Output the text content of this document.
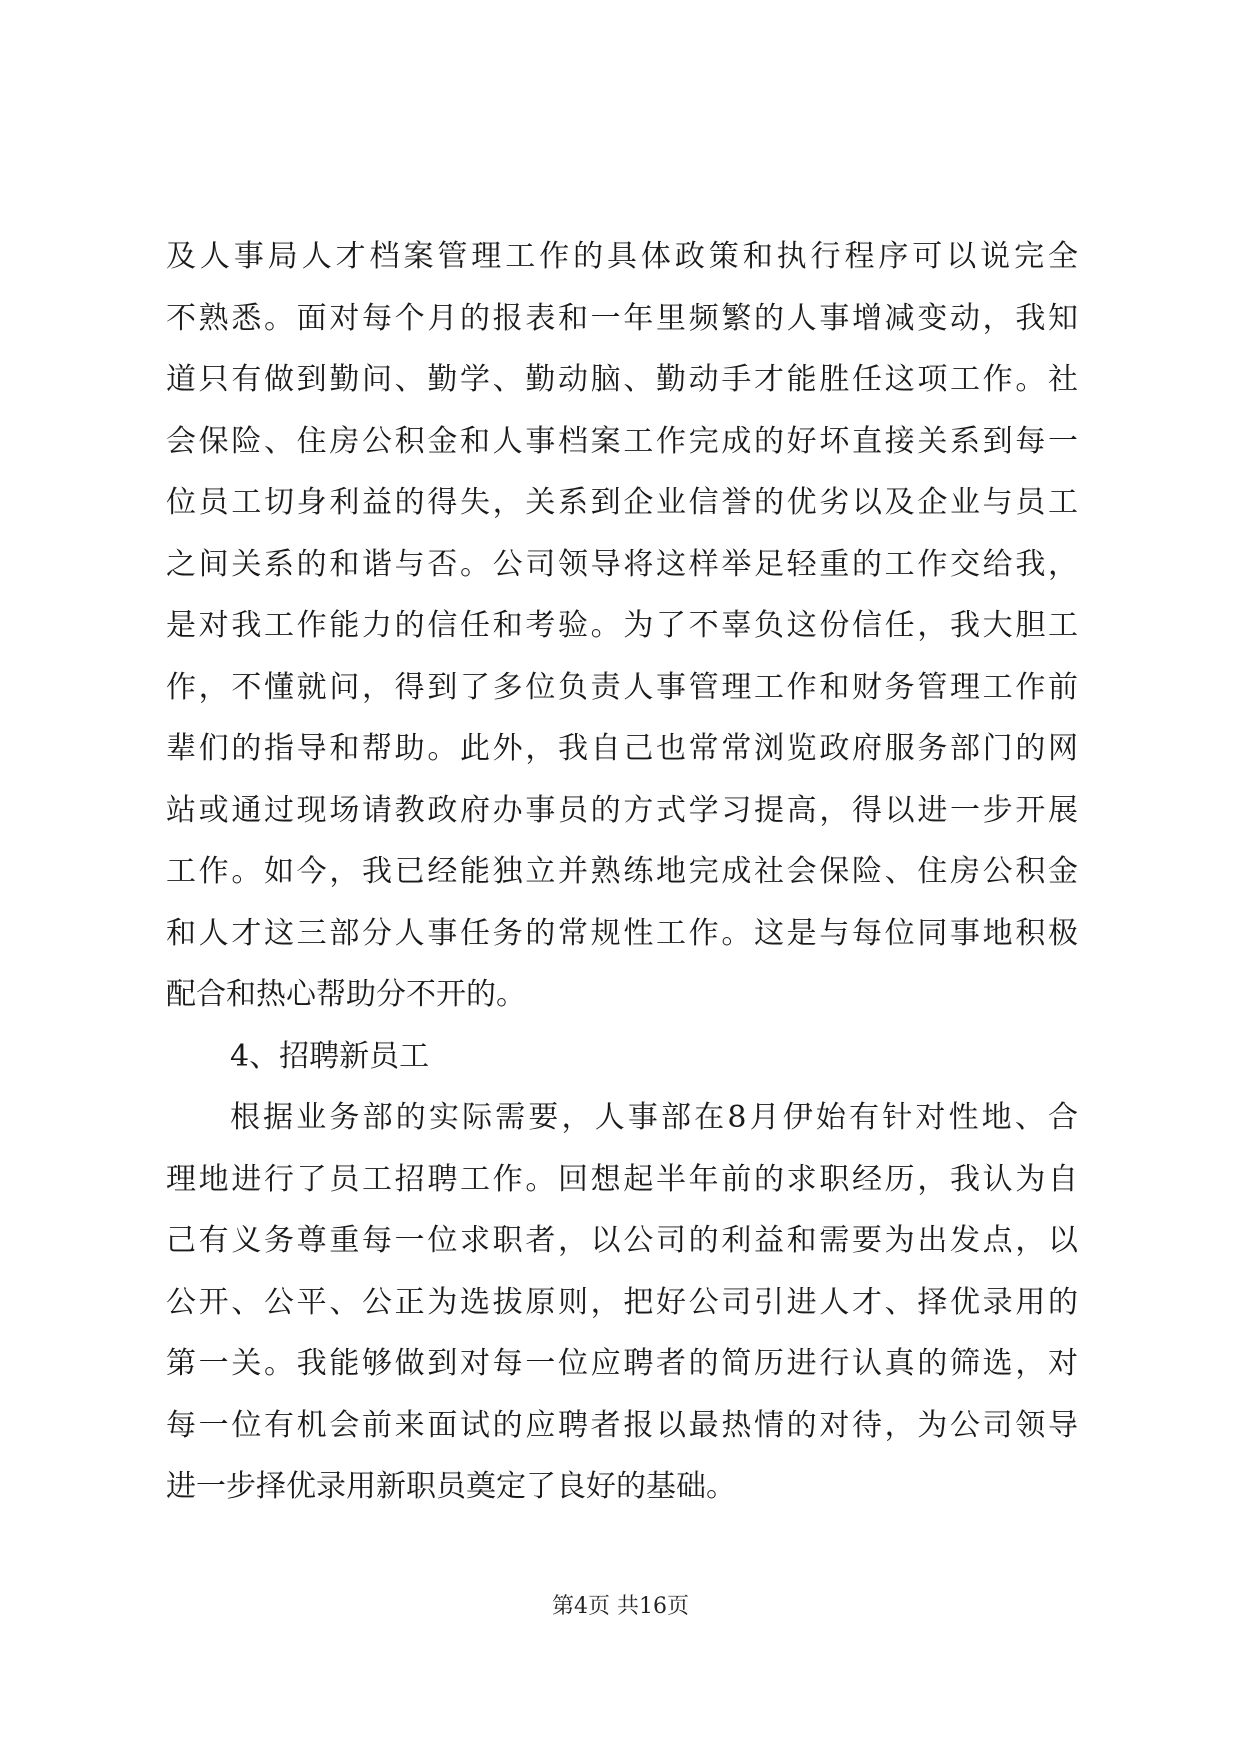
及人事局人才档案管理工作的具体政策和执行程序可以说完全
不熟悉。面对每个月的报表和一年里频繁的人事增减变动，我知
道只有做到勤问、勤学、勤动脑、勤动手才能胜任这项工作。社
会保险、住房公积金和人事档案工作完成的好坏直接关系到每一
位员工切身利益的得失，关系到企业信誉的优劣以及企业与员工
之间关系的和谐与否。公司领导将这样举足轻重的工作交给我，
是对我工作能力的信任和考验。为了不辜负这份信任，我大胆工
作，不懂就问，得到了多位负责人事管理工作和财务管理工作前
辈们的指导和帮助。此外，我自己也常常浏览政府服务部门的网
站或通过现场请教政府办事员的方式学习提高，得以进一步开展
工作。如今，我已经能独立并熟练地完成社会保险、住房公积金
和人才这三部分人事任务的常规性工作。这是与每位同事地积极
配合和热心帮助分不开的。
4、招聘新员工
根据业务部的实际需要，人事部在8月伊始有针对性地、合
理地进行了员工招聘工作。回想起半年前的求职经历，我认为自
己有义务尊重每一位求职者，以公司的利益和需要为出发点，以
公开、公平、公正为选拔原则，把好公司引进人才、择优录用的
第一关。我能够做到对每一位应聘者的简历进行认真的筛选，对
每一位有机会前来面试的应聘者报以最热情的对待，为公司领导
进一步择优录用新职员奠定了良好的基础。
第4页 共16页
